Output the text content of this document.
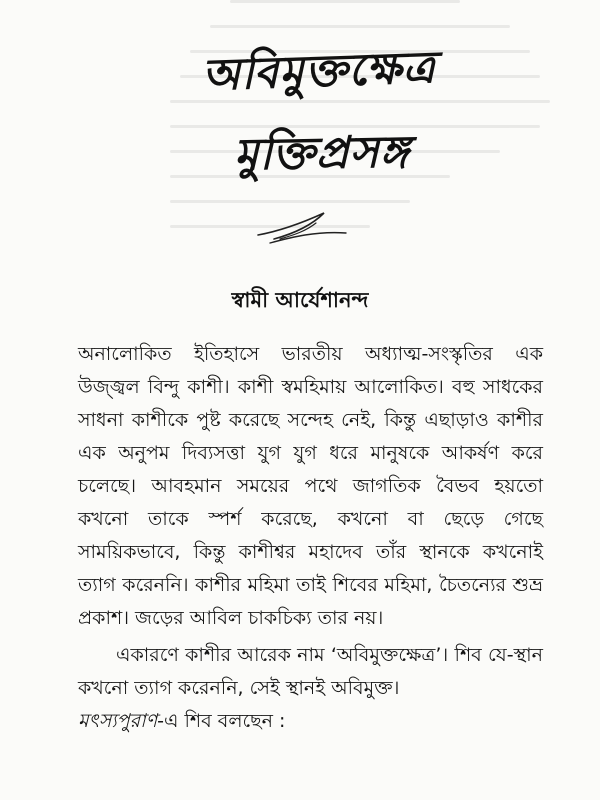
অবিমুক্তক্ষেত্র
মুক্তিপ্রসঙ্গ
স্বামী আর্যেশানন্দ

অনালোকিত ইতিহাসে ভারতীয় অধ্যাত্ম-সংস্কৃতির এক উজ্জ্বল বিন্দু কাশী। কাশী স্বমহিমায় আলোকিত। বহু সাধকের সাধনা কাশীকে পুষ্ট করেছে সন্দেহ নেই, কিন্তু এছাড়াও কাশীর এক অনুপম দিব্যসত্তা যুগ যুগ ধরে মানুষকে আকর্ষণ করে চলেছে। আবহমান সময়ের পথে জাগতিক বৈভব হয়তো কখনো তাকে স্পর্শ করেছে, কখনো বা ছেড়ে গেছে সাময়িকভাবে, কিন্তু কাশীশ্বর মহাদেব তাঁর স্থানকে কখনোই ত্যাগ করেননি। কাশীর মহিমা তাই শিবের মহিমা, চৈতন্যের শুভ্র প্রকাশ। জড়ের আবিল চাকচিক্য তার নয়।

একারণে কাশীর আরেক নাম ‘অবিমুক্তক্ষেত্র’। শিব যে-স্থান কখনো ত্যাগ করেননি, সেই স্থানই অবিমুক্ত।

মৎস্যপুরাণ-এ শিব বলছেন :
